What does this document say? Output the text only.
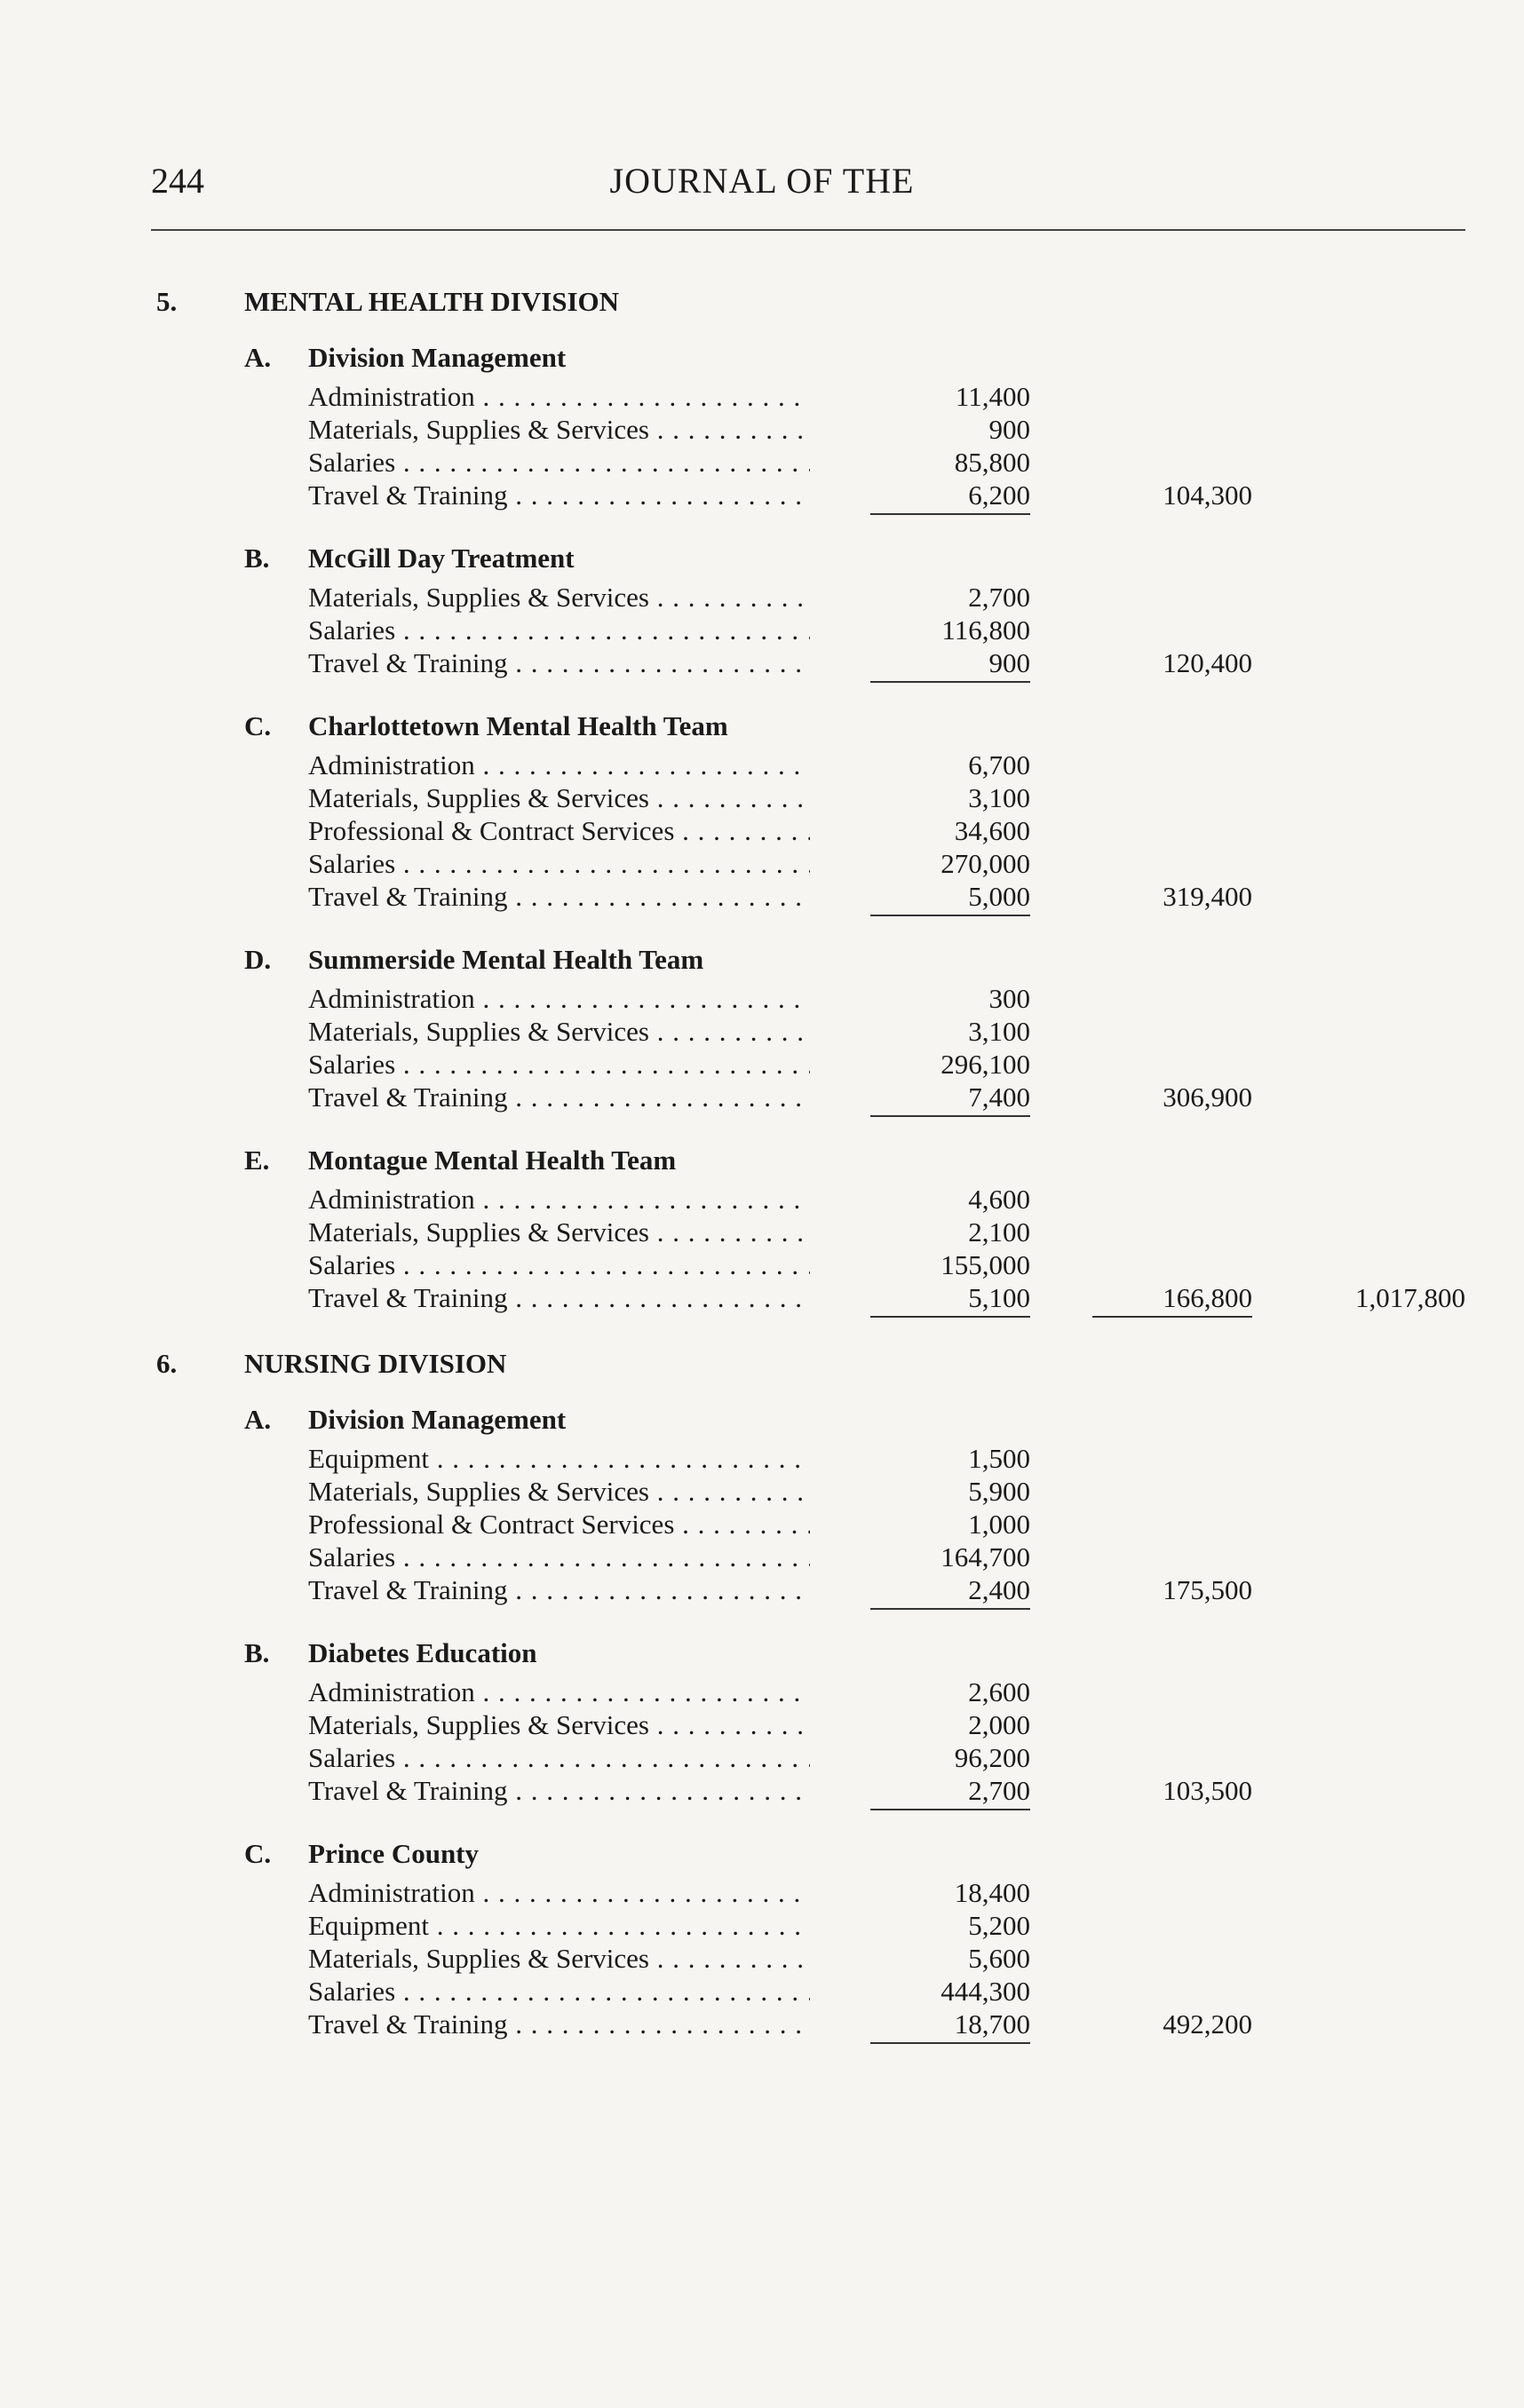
244	JOURNAL OF THE
5. MENTAL HEALTH DIVISION
A. Division Management
Administration . . .	11,400
Materials, Supplies & Services . . .	900
Salaries . . .	85,800
Travel & Training . . .	6,200	104,300
B. McGill Day Treatment
Materials, Supplies & Services . . .	2,700
Salaries . . .	116,800
Travel & Training . . .	900	120,400
C. Charlottetown Mental Health Team
Administration . . .	6,700
Materials, Supplies & Services . . .	3,100
Professional & Contract Services . . .	34,600
Salaries . . .	270,000
Travel & Training . . .	5,000	319,400
D. Summerside Mental Health Team
Administration . . .	300
Materials, Supplies & Services . . .	3,100
Salaries . . .	296,100
Travel & Training . . .	7,400	306,900
E. Montague Mental Health Team
Administration . . .	4,600
Materials, Supplies & Services . . .	2,100
Salaries . . .	155,000
Travel & Training . . .	5,100	166,800	1,017,800
6. NURSING DIVISION
A. Division Management
Equipment . . .	1,500
Materials, Supplies & Services . . .	5,900
Professional & Contract Services . . .	1,000
Salaries . . .	164,700
Travel & Training . . .	2,400	175,500
B. Diabetes Education
Administration . . .	2,600
Materials, Supplies & Services . . .	2,000
Salaries . . .	96,200
Travel & Training . . .	2,700	103,500
C. Prince County
Administration . . .	18,400
Equipment . . .	5,200
Materials, Supplies & Services . . .	5,600
Salaries . . .	444,300
Travel & Training . . .	18,700	492,200
